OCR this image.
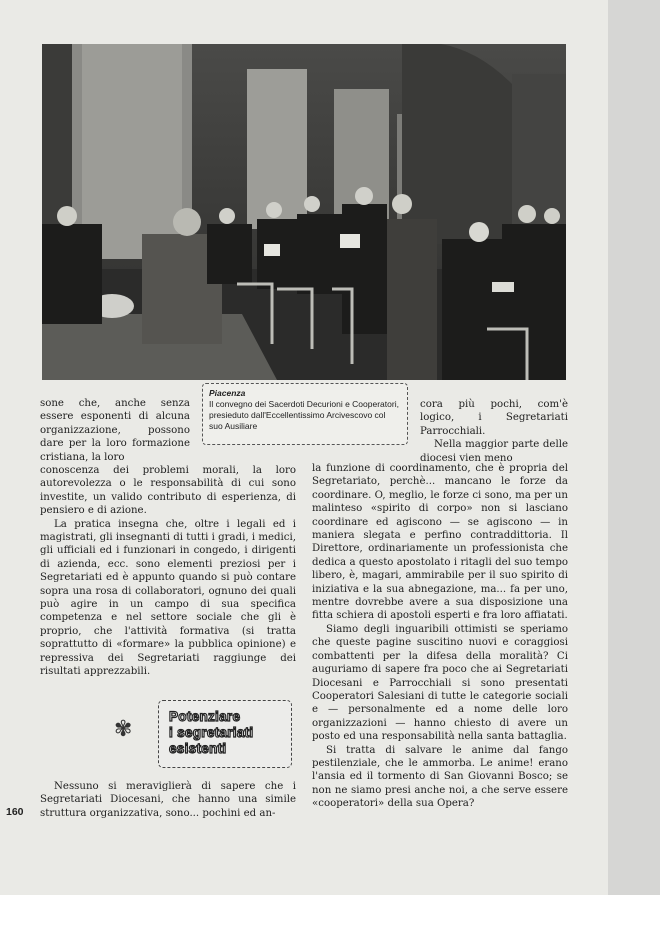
Piacenza
Il convegno dei Sacerdoti Decurioni e Cooperatori, presieduto dall'Eccellentissimo Arcivescovo col suo Ausiliare

sone che, anche senza essere esponenti di alcuna organizzazione, possono dare per la loro formazione cristiana, la loro

conoscenza dei problemi morali, la loro autorevolezza o le responsabilità di cui sono investite, un valido contributo di esperienza, di pensiero e di azione.

La pratica insegna che, oltre i legali ed i magistrati, gli insegnanti di tutti i gradi, i medici, gli ufficiali ed i funzionari in congedo, i dirigenti di azienda, ecc. sono elementi preziosi per i Segretariati ed è appunto quando si può contare sopra una rosa di collaboratori, ognuno dei quali può agire in un campo di sua specifica competenza e nel settore sociale che gli è proprio, che l'attività formativa (si tratta soprattutto di «formare» la pubblica opinione) e repressiva dei Segretariati raggiunge dei risultati apprezzabili.

✾
Potenziare
i segretariati
esistenti

Nessuno si meraviglierà di sapere che i Segretariati Diocesani, che hanno una simile struttura organizzativa, sono... pochini ed an-

160

cora più pochi, com'è logico, i Segretariati Parrocchiali.

Nella maggior parte delle diocesi vien meno

la funzione di coordinamento, che è propria del Segretariato, perchè... mancano le forze da coordinare. O, meglio, le forze ci sono, ma per un malinteso «spirito di corpo» non si lasciano coordinare ed agiscono — se agiscono — in maniera slegata e perfino contraddittoria. Il Direttore, ordinariamente un professionista che dedica a questo apostolato i ritagli del suo tempo libero, è, magari, ammirabile per il suo spirito di iniziativa e la sua abnegazione, ma... fa per uno, mentre dovrebbe avere a sua disposizione una fitta schiera di apostoli esperti e fra loro affiatati.

Siamo degli inguaribili ottimisti se speriamo che queste pagine suscitino nuovi e coraggiosi combattenti per la difesa della moralità? Ci auguriamo di sapere fra poco che ai Segretariati Diocesani e Parrocchiali si sono presentati Cooperatori Salesiani di tutte le categorie sociali e — personalmente ed a nome delle loro organizzazioni — hanno chiesto di avere un posto ed una responsabilità nella santa battaglia.

Si tratta di salvare le anime dal fango pestilenziale, che le ammorba. Le anime! erano l'ansia ed il tormento di San Giovanni Bosco; se non ne siamo presi anche noi, a che serve essere «cooperatori» della sua Opera?
